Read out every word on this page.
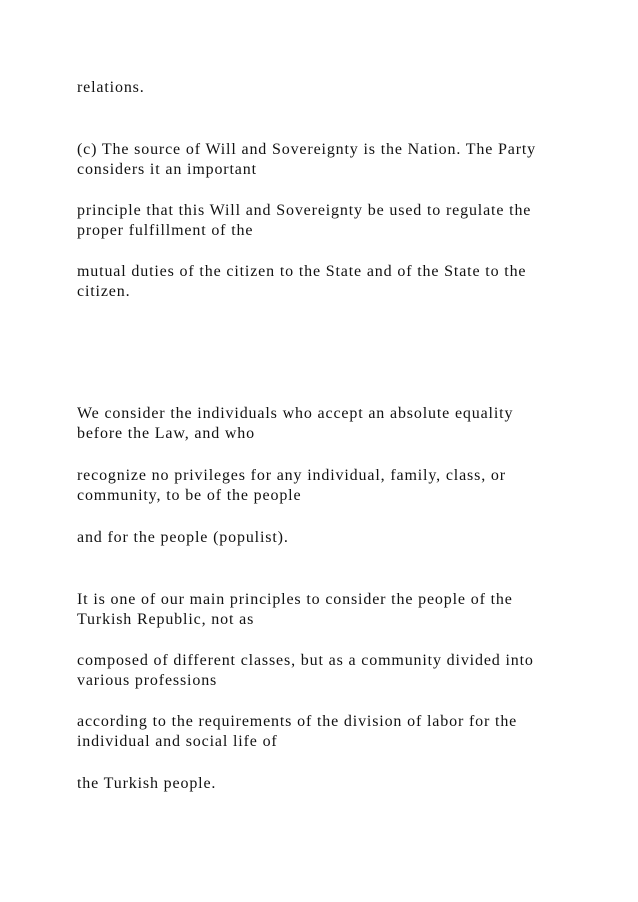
relations.

(c) The source of Will and Sovereignty is the Nation. The Party
considers it an important

principle that this Will and Sovereignty be used to regulate the
proper fulfillment of the

mutual duties of the citizen to the State and of the State to the
citizen.

We consider the individuals who accept an absolute equality
before the Law, and who

recognize no privileges for any individual, family, class, or
community, to be of the people

and for the people (populist).

It is one of our main principles to consider the people of the
Turkish Republic, not as

composed of different classes, but as a community divided into
various professions

according to the requirements of the division of labor for the
individual and social life of

the Turkish people.
